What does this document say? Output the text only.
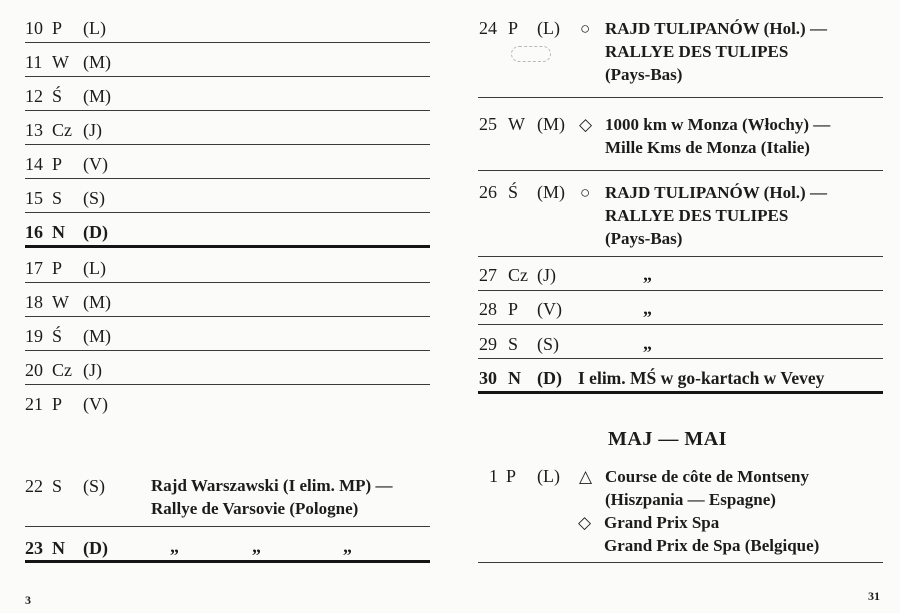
10 P (L)
11 W (M)
12 Ś (M)
13 Cz (J)
14 P (V)
15 S (S)
16 N (D)
17 P (L)
18 W (M)
19 Ś (M)
20 Cz (J)
21 P (V)
22 S (S)	Rajd Warszawski (I elim. MP) —
Rallye de Varsovie (Pologne)
23 N (D)	„	„	„
3
24 P (L) ○ RAJD TULIPANÓW (Hol.) —
RALLYE DES TULIPES
(Pays-Bas)
25 W (M) ◇ 1000 km w Monza (Włochy) —
Mille Kms de Monza (Italie)
26 Ś (M) ○ RAJD TULIPANÓW (Hol.) —
RALLYE DES TULIPES
(Pays-Bas)
27 Cz (J)	„
28 P (V)	„
29 S (S)	„
30 N (D) I elim. MŚ w go-kartach w Vevey
MAJ — MAI
1 P (L) △ Course de côte de Montseny
(Hiszpania — Espagne)
◇ Grand Prix Spa
Grand Prix de Spa (Belgique)
31
